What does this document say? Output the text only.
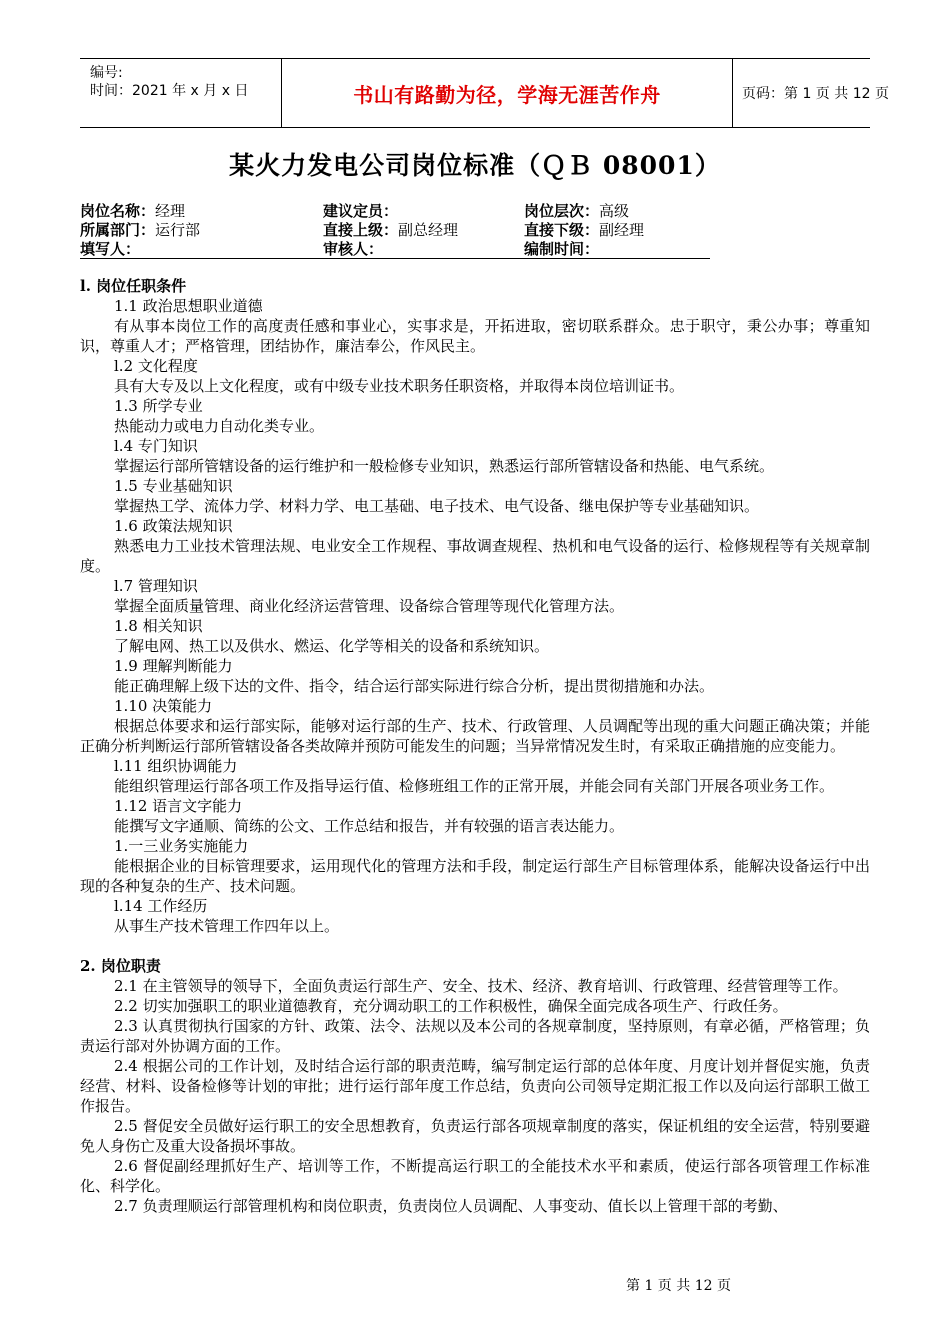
编号:
时间：2021 年 x 月 x 日	书山有路勤为径，学海无涯苦作舟	页码：第 1 页 共 12 页
某火力发电公司岗位标准（ＱＢ 08001）
岗位名称：经理	建议定员：	岗位层次：高级
所属部门：运行部	直接上级：副总经理	直接下级：副经理
填写人：	审核人：	编制时间：

l. 岗位任职条件

1.1 政治思想职业道德

有从事本岗位工作的高度责任感和事业心，实事求是，开拓进取，密切联系群众。忠于职守，秉公办事；尊重知识，尊重人才；严格管理，团结协作，廉洁奉公，作风民主。

l.2 文化程度

具有大专及以上文化程度，或有中级专业技术职务任职资格，并取得本岗位培训证书。

1.3 所学专业

热能动力或电力自动化类专业。

l.4 专门知识

掌握运行部所管辖设备的运行维护和一般检修专业知识，熟悉运行部所管辖设备和热能、电气系统。

1.5 专业基础知识

掌握热工学、流体力学、材料力学、电工基础、电子技术、电气设备、继电保护等专业基础知识。

1.6 政策法规知识

熟悉电力工业技术管理法规、电业安全工作规程、事故调查规程、热机和电气设备的运行、检修规程等有关规章制度。

l.7 管理知识

掌握全面质量管理、商业化经济运营管理、设备综合管理等现代化管理方法。

1.8 相关知识

了解电网、热工以及供水、燃运、化学等相关的设备和系统知识。

1.9 理解判断能力

能正确理解上级下达的文件、指令，结合运行部实际进行综合分析，提出贯彻措施和办法。

1.10 决策能力

根据总体要求和运行部实际，能够对运行部的生产、技术、行政管理、人员调配等出现的重大问题正确决策；并能正确分析判断运行部所管辖设备各类故障并预防可能发生的问题；当异常情况发生时，有采取正确措施的应变能力。

l.11 组织协调能力

能组织管理运行部各项工作及指导运行值、检修班组工作的正常开展，并能会同有关部门开展各项业务工作。

1.12 语言文字能力

能撰写文字通顺、简练的公文、工作总结和报告，并有较强的语言表达能力。

1.一三业务实施能力

能根据企业的目标管理要求，运用现代化的管理方法和手段，制定运行部生产目标管理体系，能解决设备运行中出现的各种复杂的生产、技术问题。

l.14 工作经历

从事生产技术管理工作四年以上。

2. 岗位职责

2.1 在主管领导的领导下，全面负责运行部生产、安全、技术、经济、教育培训、行政管理、经营管理等工作。

2.2 切实加强职工的职业道德教育，充分调动职工的工作积极性，确保全面完成各项生产、行政任务。

2.3 认真贯彻执行国家的方针、政策、法令、法规以及本公司的各规章制度，坚持原则，有章必循，严格管理；负责运行部对外协调方面的工作。

2.4 根据公司的工作计划，及时结合运行部的职责范畴，编写制定运行部的总体年度、月度计划并督促实施，负责经营、材料、设备检修等计划的审批；进行运行部年度工作总结，负责向公司领导定期汇报工作以及向运行部职工做工作报告。

2.5 督促安全员做好运行职工的安全思想教育，负责运行部各项规章制度的落实，保证机组的安全运营，特别要避免人身伤亡及重大设备损坏事故。

2.6 督促副经理抓好生产、培训等工作，不断提高运行职工的全能技术水平和素质，使运行部各项管理工作标准化、科学化。

2.7 负责理顺运行部管理机构和岗位职责，负责岗位人员调配、人事变动、值长以上管理干部的考勤、

第 1 页 共 12 页
